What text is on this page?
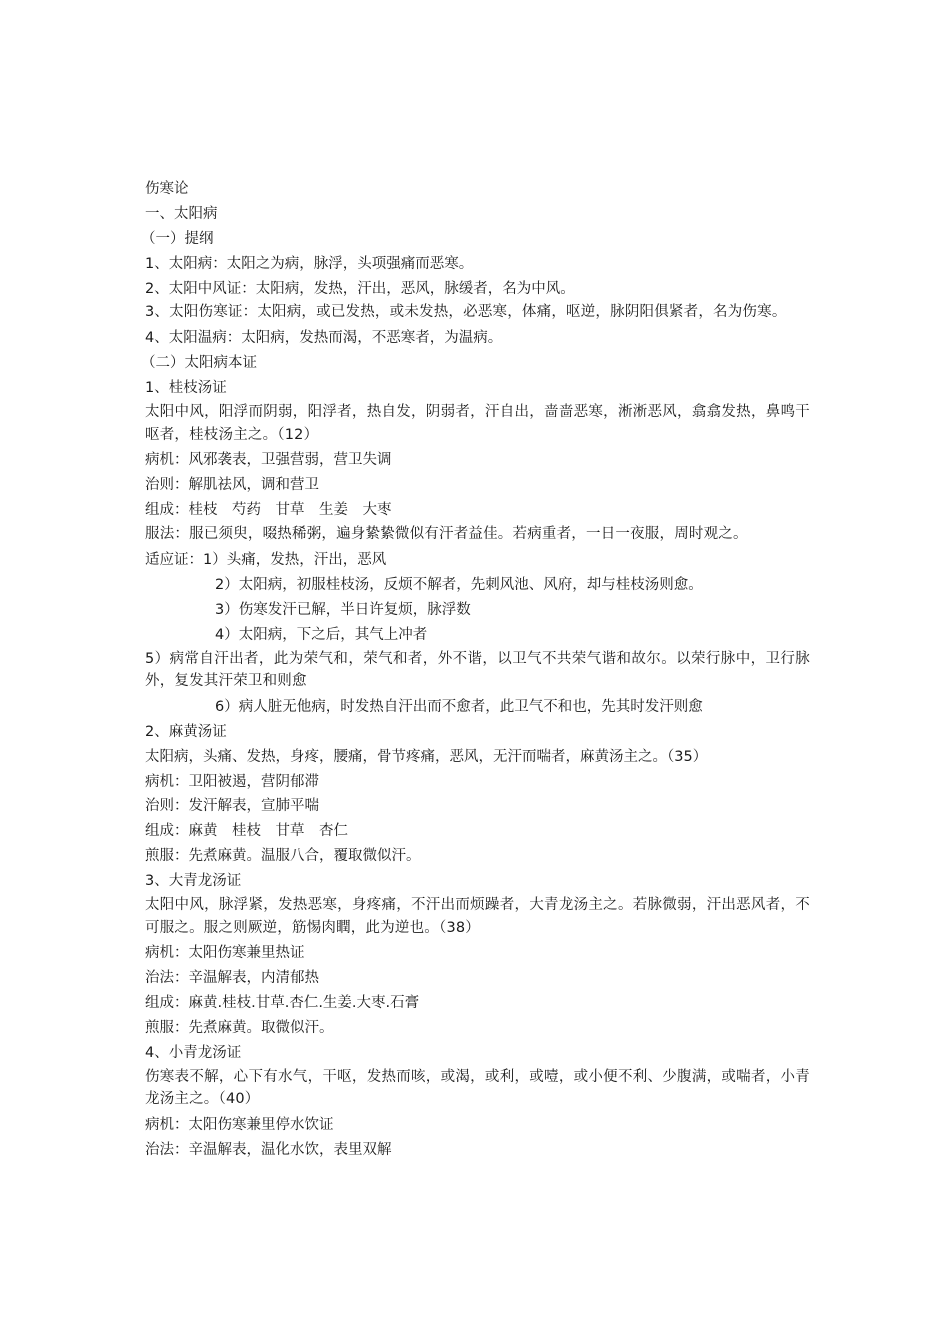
伤寒论
一、太阳病
（一）提纲
1、太阳病：太阳之为病，脉浮，头项强痛而恶寒。
2、太阳中风证：太阳病，发热，汗出，恶风，脉缓者，名为中风。
3、太阳伤寒证：太阳病，或已发热，或未发热，必恶寒，体痛，呕逆，脉阴阳俱紧者，名为伤寒。
4、太阳温病：太阳病，发热而渴，不恶寒者，为温病。
（二）太阳病本证
1、桂枝汤证
太阳中风，阳浮而阴弱，阳浮者，热自发，阴弱者，汗自出，啬啬恶寒，淅淅恶风，翕翕发热，鼻鸣干呕者，桂枝汤主之。（12）
病机：风邪袭表，卫强营弱，营卫失调
治则：解肌祛风，调和营卫
组成：桂枝　芍药　甘草　生姜　大枣
服法：服已须臾，啜热稀粥，遍身絷絷微似有汗者益佳。若病重者，一日一夜服，周时观之。
适应证：1）头痛，发热，汗出，恶风
2）太阳病，初服桂枝汤，反烦不解者，先刺风池、风府，却与桂枝汤则愈。
3）伤寒发汗已解，半日许复烦，脉浮数
4）太阳病，下之后，其气上冲者
5）病常自汗出者，此为荣气和，荣气和者，外不谐，以卫气不共荣气谐和故尔。以荣行脉中，卫行脉外，复发其汗荣卫和则愈
6）病人脏无他病，时发热自汗出而不愈者，此卫气不和也，先其时发汗则愈
2、麻黄汤证
太阳病，头痛、发热，身疼，腰痛，骨节疼痛，恶风，无汗而喘者，麻黄汤主之。（35）
病机：卫阳被遏，营阴郁滞
治则：发汗解表，宣肺平喘
组成：麻黄　桂枝　甘草　杏仁
煎服：先煮麻黄。温服八合，覆取微似汗。
3、大青龙汤证
太阳中风，脉浮紧，发热恶寒，身疼痛，不汗出而烦躁者，大青龙汤主之。若脉微弱，汗出恶风者，不可服之。服之则厥逆，筋惕肉瞤，此为逆也。（38）
病机：太阳伤寒兼里热证
治法：辛温解表，内清郁热
组成：麻黄.桂枝.甘草.杏仁.生姜.大枣.石膏
煎服：先煮麻黄。取微似汗。
4、小青龙汤证
伤寒表不解，心下有水气，干呕，发热而咳，或渴，或利，或噎，或小便不利、少腹满，或喘者，小青龙汤主之。（40）
病机：太阳伤寒兼里停水饮证
治法：辛温解表，温化水饮，表里双解
